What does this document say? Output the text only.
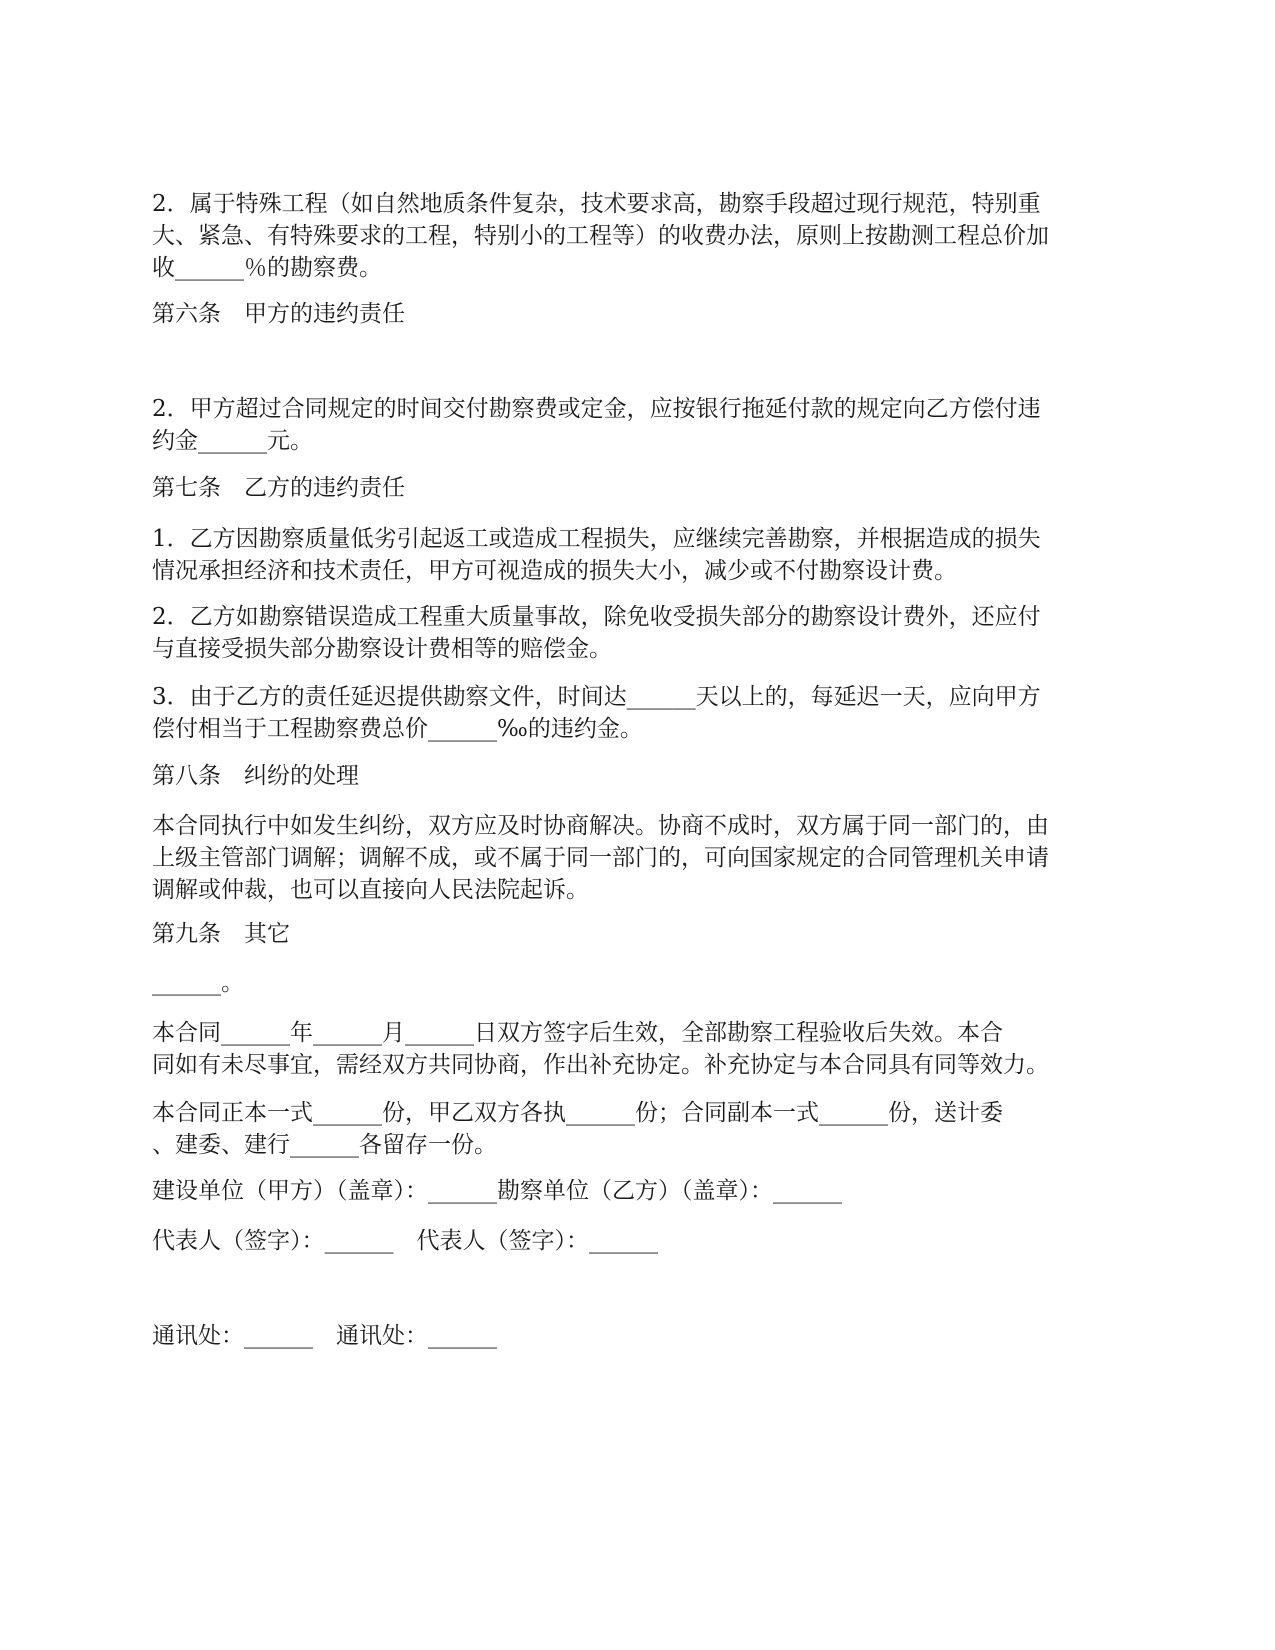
2．属于特殊工程（如自然地质条件复杂，技术要求高，勘察手段超过现行规范，特别重
大、紧急、有特殊要求的工程，特别小的工程等）的收费办法，原则上按勘测工程总价加
收______％的勘察费。

第六条　甲方的违约责任

2．甲方超过合同规定的时间交付勘察费或定金，应按银行拖延付款的规定向乙方偿付违
约金______元。

第七条　乙方的违约责任

1．乙方因勘察质量低劣引起返工或造成工程损失，应继续完善勘察，并根据造成的损失
情况承担经济和技术责任，甲方可视造成的损失大小，减少或不付勘察设计费。

2．乙方如勘察错误造成工程重大质量事故，除免收受损失部分的勘察设计费外，还应付
与直接受损失部分勘察设计费相等的赔偿金。

3．由于乙方的责任延迟提供勘察文件，时间达______天以上的，每延迟一天，应向甲方
偿付相当于工程勘察费总价______‰的违约金。

第八条　纠纷的处理

本合同执行中如发生纠纷，双方应及时协商解决。协商不成时，双方属于同一部门的，由
上级主管部门调解；调解不成，或不属于同一部门的，可向国家规定的合同管理机关申请
调解或仲裁，也可以直接向人民法院起诉。

第九条　其它

______。

本合同______年______月______日双方签字后生效，全部勘察工程验收后失效。本合
同如有未尽事宜，需经双方共同协商，作出补充协定。补充协定与本合同具有同等效力。

本合同正本一式______份，甲乙双方各执______份；合同副本一式______份，送计委
、建委、建行______各留存一份。

建设单位（甲方）（盖章）：______勘察单位（乙方）（盖章）：______

代表人（签字）：______　代表人（签字）：______

通讯处：______　通讯处：______
